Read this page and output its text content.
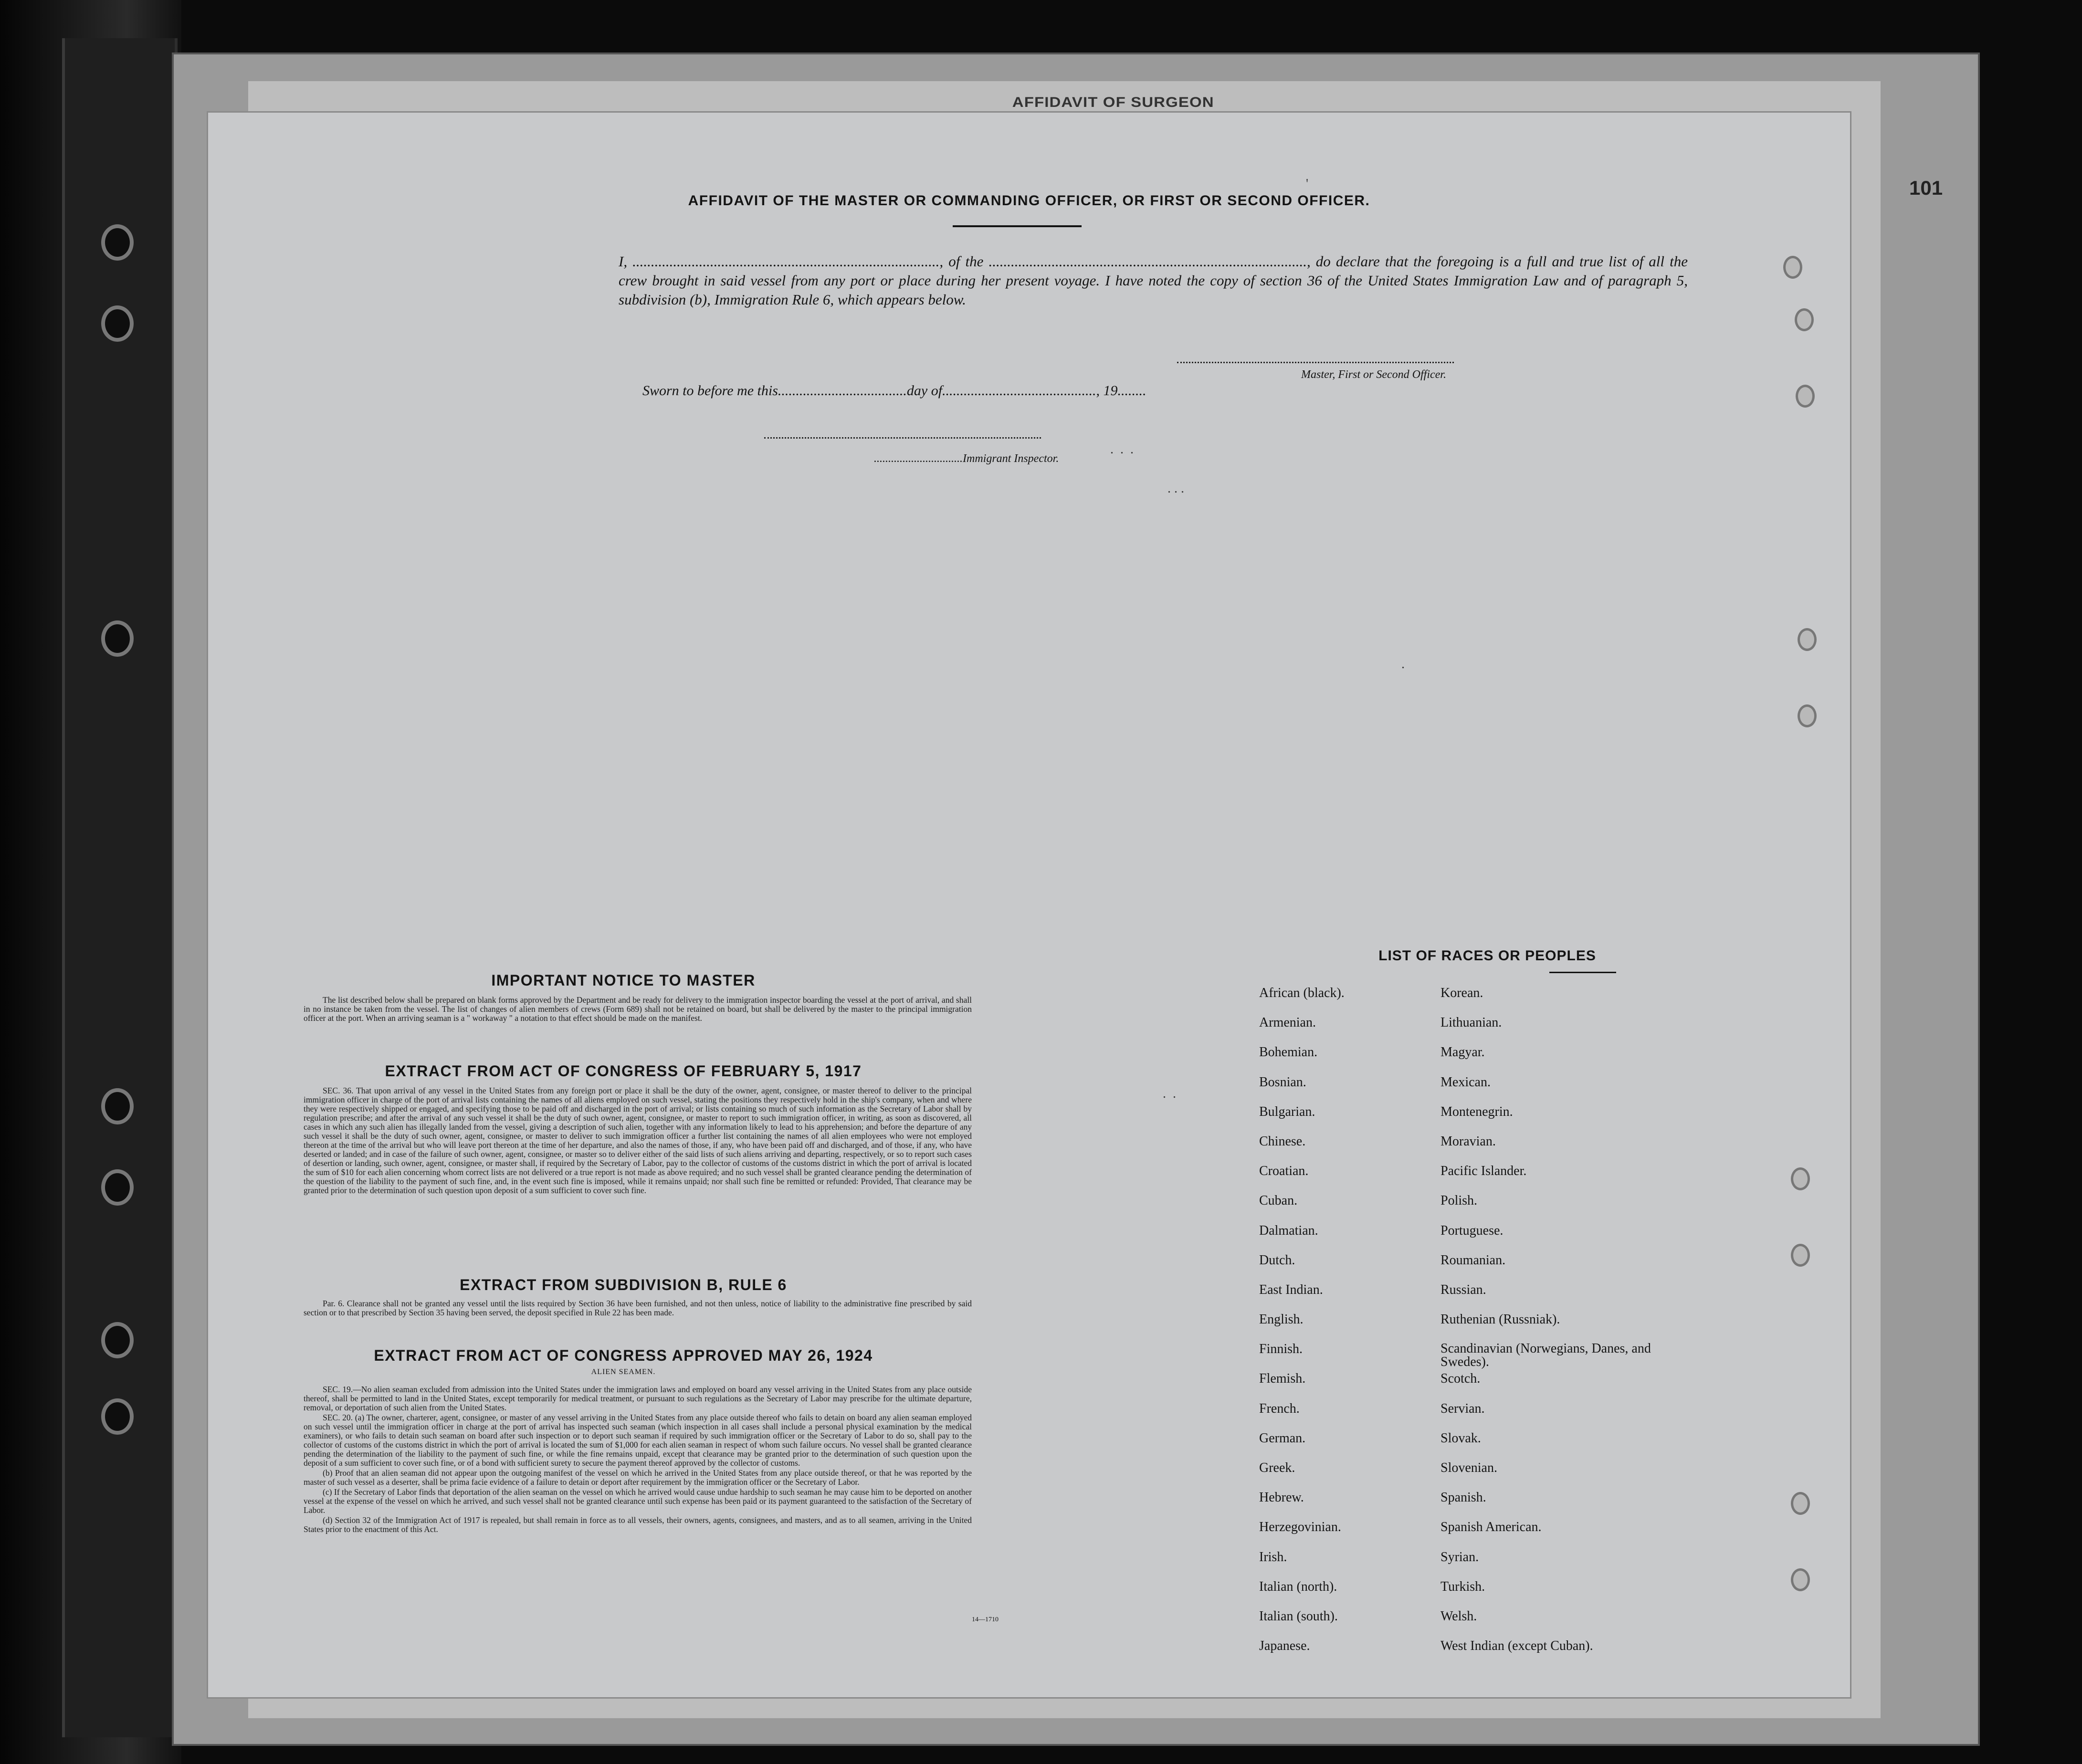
AFFIDAVIT OF SURGEON
101
AFFIDAVIT OF THE MASTER OR COMMANDING OFFICER, OR FIRST OR SECOND OFFICER.
I, ..................................................................................., of the ......................................................................................, do declare that the foregoing is a full and true list of all the crew brought in said vessel from any port or place during her present voyage. I have noted the copy of section 36 of the United States Immigration Law and of paragraph 5, subdivision (b), Immigration Rule 6, which appears below.
Master, First or Second Officer.
Sworn to before me this....................................day of..........................................., 19........
...............................Immigrant Inspector.
.  .  .
. . .
'
.
.  .
IMPORTANT NOTICE TO MASTER

The list described below shall be prepared on blank forms approved by the Department and be ready for delivery to the immigration inspector boarding the vessel at the port of arrival, and shall in no instance be taken from the vessel. The list of changes of alien members of crews (Form 689) shall not be retained on board, but shall be delivered by the master to the principal immigration officer at the port. When an arriving seaman is a " workaway " a notation to that effect should be made on the manifest.

EXTRACT FROM ACT OF CONGRESS OF FEBRUARY 5, 1917

SEC. 36. That upon arrival of any vessel in the United States from any foreign port or place it shall be the duty of the owner, agent, consignee, or master thereof to deliver to the principal immigration officer in charge of the port of arrival lists containing the names of all aliens employed on such vessel, stating the positions they respectively hold in the ship's company, when and where they were respectively shipped or engaged, and specifying those to be paid off and discharged in the port of arrival; or lists containing so much of such information as the Secretary of Labor shall by regulation prescribe; and after the arrival of any such vessel it shall be the duty of such owner, agent, consignee, or master to report to such immigration officer, in writing, as soon as discovered, all cases in which any such alien has illegally landed from the vessel, giving a description of such alien, together with any information likely to lead to his apprehension; and before the departure of any such vessel it shall be the duty of such owner, agent, consignee, or master to deliver to such immigration officer a further list containing the names of all alien employees who were not employed thereon at the time of the arrival but who will leave port thereon at the time of her departure, and also the names of those, if any, who have been paid off and discharged, and of those, if any, who have deserted or landed; and in case of the failure of such owner, agent, consignee, or master so to deliver either of the said lists of such aliens arriving and departing, respectively, or so to report such cases of desertion or landing, such owner, agent, consignee, or master shall, if required by the Secretary of Labor, pay to the collector of customs of the customs district in which the port of arrival is located the sum of $10 for each alien concerning whom correct lists are not delivered or a true report is not made as above required; and no such vessel shall be granted clearance pending the determination of the question of the liability to the payment of such fine, and, in the event such fine is imposed, while it remains unpaid; nor shall such fine be remitted or refunded: Provided, That clearance may be granted prior to the determination of such question upon deposit of a sum sufficient to cover such fine.

EXTRACT FROM SUBDIVISION B, RULE 6

Par. 6. Clearance shall not be granted any vessel until the lists required by Section 36 have been furnished, and not then unless, notice of liability to the administrative fine prescribed by said section or to that prescribed by Section 35 having been served, the deposit specified in Rule 22 has been made.

EXTRACT FROM ACT OF CONGRESS APPROVED MAY 26, 1924
ALIEN SEAMEN.

SEC. 19.—No alien seaman excluded from admission into the United States under the immigration laws and employed on board any vessel arriving in the United States from any place outside thereof, shall be permitted to land in the United States, except temporarily for medical treatment, or pursuant to such regulations as the Secretary of Labor may prescribe for the ultimate departure, removal, or deportation of such alien from the United States.

SEC. 20. (a) The owner, charterer, agent, consignee, or master of any vessel arriving in the United States from any place outside thereof who fails to detain on board any alien seaman employed on such vessel until the immigration officer in charge at the port of arrival has inspected such seaman (which inspection in all cases shall include a personal physical examination by the medical examiners), or who fails to detain such seaman on board after such inspection or to deport such seaman if required by such immigration officer or the Secretary of Labor to do so, shall pay to the collector of customs of the customs district in which the port of arrival is located the sum of $1,000 for each alien seaman in respect of whom such failure occurs. No vessel shall be granted clearance pending the determination of the liability to the payment of such fine, or while the fine remains unpaid, except that clearance may be granted prior to the determination of such question upon the deposit of a sum sufficient to cover such fine, or of a bond with sufficient surety to secure the payment thereof approved by the collector of customs.

(b) Proof that an alien seaman did not appear upon the outgoing manifest of the vessel on which he arrived in the United States from any place outside thereof, or that he was reported by the master of such vessel as a deserter, shall be prima facie evidence of a failure to detain or deport after requirement by the immigration officer or the Secretary of Labor.

(c) If the Secretary of Labor finds that deportation of the alien seaman on the vessel on which he arrived would cause undue hardship to such seaman he may cause him to be deported on another vessel at the expense of the vessel on which he arrived, and such vessel shall not be granted clearance until such expense has been paid or its payment guaranteed to the satisfaction of the Secretary of Labor.

(d) Section 32 of the Immigration Act of 1917 is repealed, but shall remain in force as to all vessels, their owners, agents, consignees, and masters, and as to all seamen, arriving in the United States prior to the enactment of this Act.

14—1710
LIST OF RACES OR PEOPLES
African (black).
Armenian.
Bohemian.
Bosnian.
Bulgarian.
Chinese.
Croatian.
Cuban.
Dalmatian.
Dutch.
East Indian.
English.
Finnish.
Flemish.
French.
German.
Greek.
Hebrew.
Herzegovinian.
Irish.
Italian (north).
Italian (south).
Japanese.
Korean.
Lithuanian.
Magyar.
Mexican.
Montenegrin.
Moravian.
Pacific Islander.
Polish.
Portuguese.
Roumanian.
Russian.
Ruthenian (Russniak).
Scandinavian (Norwegians, Danes, and Swedes).
Scotch.
Servian.
Slovak.
Slovenian.
Spanish.
Spanish American.
Syrian.
Turkish.
Welsh.
West Indian (except Cuban).
